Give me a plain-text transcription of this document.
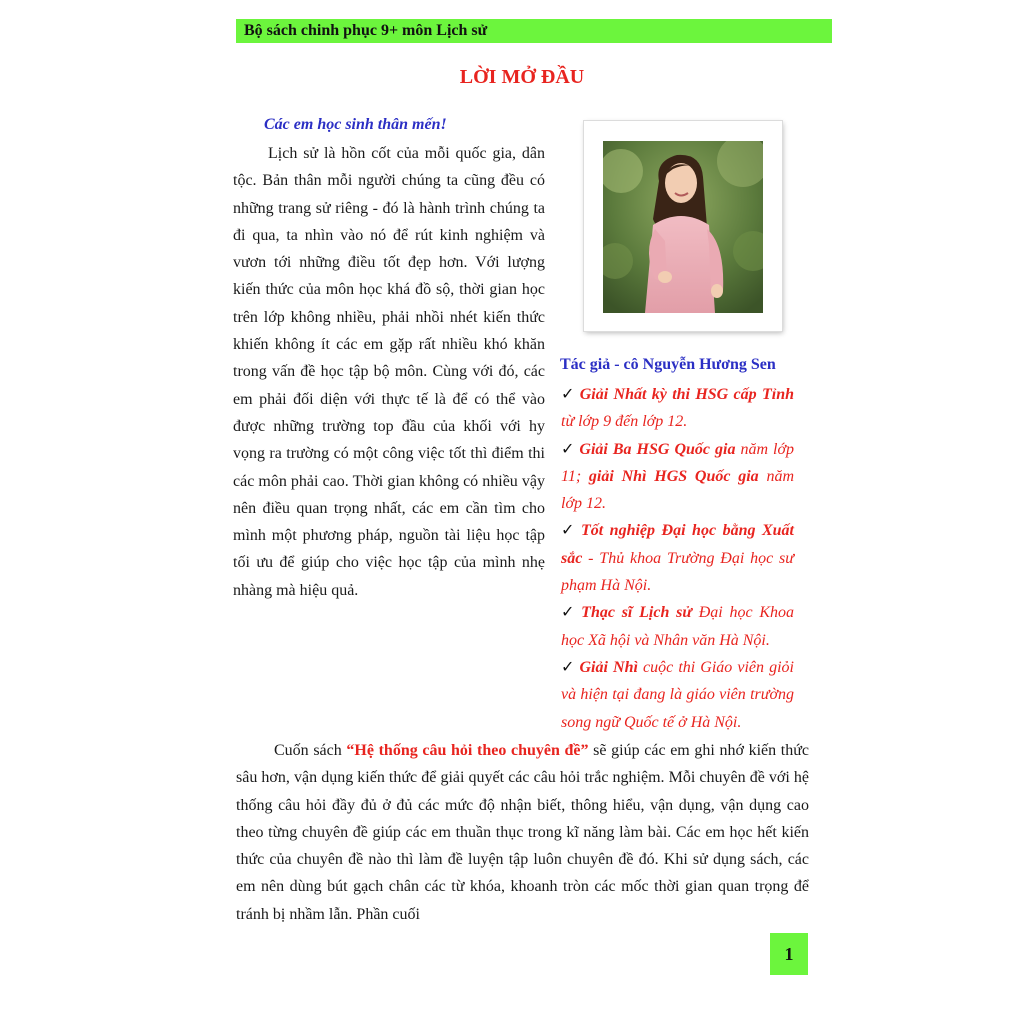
Bộ sách chinh phục 9+ môn Lịch sử
LỜI MỞ ĐẦU
Các em học sinh thân mến!

Lịch sử là hồn cốt của mỗi quốc gia, dân tộc. Bản thân mỗi người chúng ta cũng đều có những trang sử riêng - đó là hành trình chúng ta đi qua, ta nhìn vào nó để rút kinh nghiệm và vươn tới những điều tốt đẹp hơn. Với lượng kiến thức của môn học khá đồ sộ, thời gian học trên lớp không nhiều, phải nhồi nhét kiến thức khiến không ít các em gặp rất nhiều khó khăn trong vấn đề học tập bộ môn. Cùng với đó, các em phải đối diện với thực tế là để có thể vào được những trường top đầu của khối với hy vọng ra trường có một công việc tốt thì điểm thi các môn phải cao. Thời gian không có nhiều vậy nên điều quan trọng nhất, các em cần tìm cho mình một phương pháp, nguồn tài liệu học tập tối ưu để giúp cho việc học tập của mình nhẹ nhàng mà hiệu quả.

Tác giả - cô Nguyễn Hương Sen

✓ Giải Nhất kỳ thi HSG cấp Tỉnh từ lớp 9 đến lớp 12.

✓ Giải Ba HSG Quốc gia năm lớp 11; giải Nhì HGS Quốc gia năm lớp 12.

✓ Tốt nghiệp Đại học bằng Xuất sắc - Thủ khoa Trường Đại học sư phạm Hà Nội.

✓ Thạc sĩ Lịch sử Đại học Khoa học Xã hội và Nhân văn Hà Nội.

✓ Giải Nhì cuộc thi Giáo viên giỏi và hiện tại đang là giáo viên trường song ngữ Quốc tế ở Hà Nội.

Cuốn sách “Hệ thống câu hỏi theo chuyên đề” sẽ giúp các em ghi nhớ kiến thức sâu hơn, vận dụng kiến thức để giải quyết các câu hỏi trắc nghiệm. Mỗi chuyên đề với hệ thống câu hỏi đầy đủ ở đủ các mức độ nhận biết, thông hiểu, vận dụng, vận dụng cao theo từng chuyên đề giúp các em thuần thục trong kĩ năng làm bài. Các em học hết kiến thức của chuyên đề nào thì làm đề luyện tập luôn chuyên đề đó. Khi sử dụng sách, các em nên dùng bút gạch chân các từ khóa, khoanh tròn các mốc thời gian quan trọng để tránh bị nhầm lẫn. Phần cuối

1
